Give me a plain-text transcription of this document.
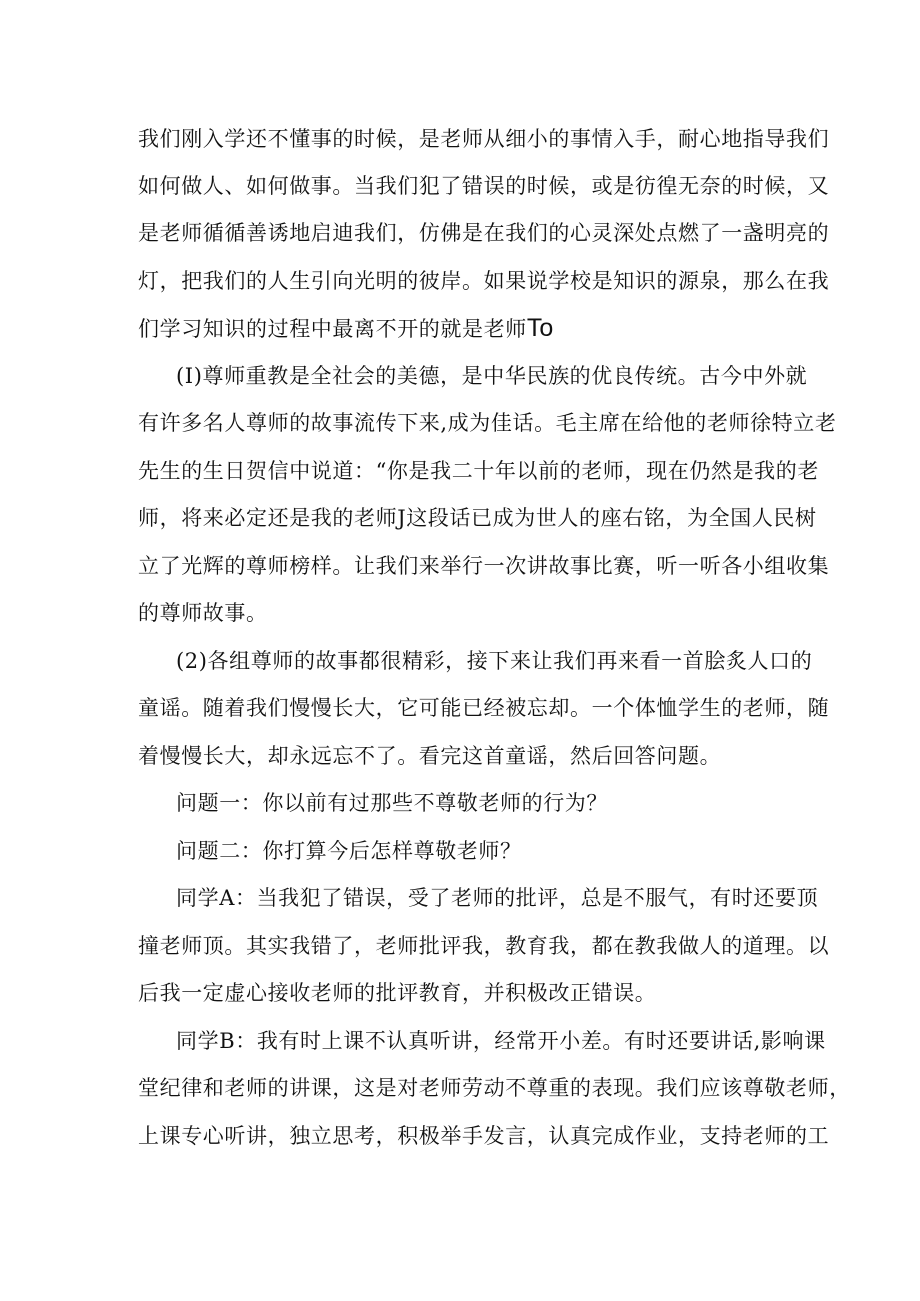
我们刚入学还不懂事的时候，是老师从细小的事情入手，耐心地指导我们
如何做人、如何做事。当我们犯了错误的时候，或是彷徨无奈的时候，又
是老师循循善诱地启迪我们，仿佛是在我们的心灵深处点燃了一盏明亮的
灯，把我们的人生引向光明的彼岸。如果说学校是知识的源泉，那么在我
们学习知识的过程中最离不开的就是老师To
(I)尊师重教是全社会的美德，是中华民族的优良传统。古今中外就
有许多名人尊师的故事流传下来,成为佳话。毛主席在给他的老师徐特立老
先生的生日贺信中说道：“你是我二十年以前的老师，现在仍然是我的老
师，将来必定还是我的老师J这段话已成为世人的座右铭，为全国人民树
立了光辉的尊师榜样。让我们来举行一次讲故事比赛，听一听各小组收集
的尊师故事。
(2)各组尊师的故事都很精彩，接下来让我们再来看一首脍炙人口的
童谣。随着我们慢慢长大，它可能已经被忘却。一个体恤学生的老师，随
着慢慢长大，却永远忘不了。看完这首童谣，然后回答问题。
问题一：你以前有过那些不尊敬老师的行为？
问题二：你打算今后怎样尊敬老师？
同学A：当我犯了错误，受了老师的批评，总是不服气，有时还要顶
撞老师顶。其实我错了，老师批评我，教育我，都在教我做人的道理。以
后我一定虚心接收老师的批评教育，并积极改正错误。
同学B：我有时上课不认真听讲，经常开小差。有时还要讲话,影响课
堂纪律和老师的讲课，这是对老师劳动不尊重的表现。我们应该尊敬老师，
上课专心听讲，独立思考，积极举手发言，认真完成作业，支持老师的工
